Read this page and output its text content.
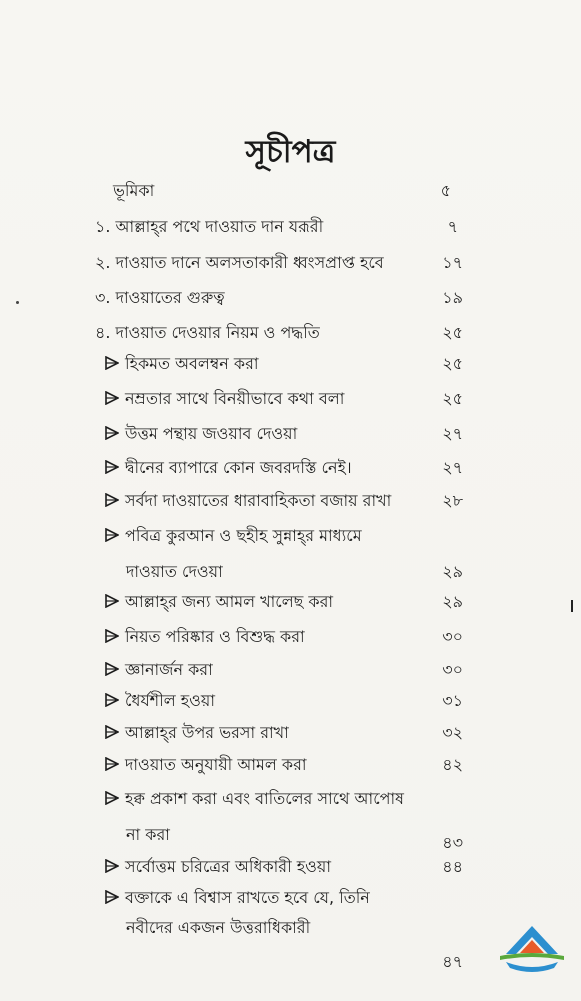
সূচীপত্র
ভূমিকা	৫
১. আল্লাহ্‌র পথে দাওয়াত দান যরূরী	৭
২. দাওয়াত দানে অলসতাকারী ধ্বংসপ্রাপ্ত হবে	১৭
৩. দাওয়াতের গুরুত্ব	১৯
৪. দাওয়াত দেওয়ার নিয়ম ও পদ্ধতি	২৫
হিকমত অবলম্বন করা	২৫
নম্রতার সাথে বিনয়ীভাবে কথা বলা	২৫
উত্তম পন্থায় জওয়াব দেওয়া	২৭
দ্বীনের ব্যাপারে কোন জবরদস্তি নেই।	২৭
সর্বদা দাওয়াতের ধারাবাহিকতা বজায় রাখা	২৮
পবিত্র কুরআন ও ছহীহ সুন্নাহ্‌র মাধ্যমে
দাওয়াত দেওয়া	২৯
আল্লাহ্‌র জন্য আমল খালেছ করা	২৯
নিয়ত পরিষ্কার ও বিশুদ্ধ করা	৩০
জ্ঞানার্জন করা	৩০
ধৈর্যশীল হওয়া	৩১
আল্লাহ্‌র উপর ভরসা রাখা	৩২
দাওয়াত অনুযায়ী আমল করা	৪২
হক্ব প্রকাশ করা এবং বাতিলের সাথে আপোষ
না করা	৪৩
সর্বোত্তম চরিত্রের অধিকারী হওয়া	৪৪
বক্তাকে এ বিশ্বাস রাখতে হবে যে, তিনি
নবীদের একজন উত্তরাধিকারী
৪৭
